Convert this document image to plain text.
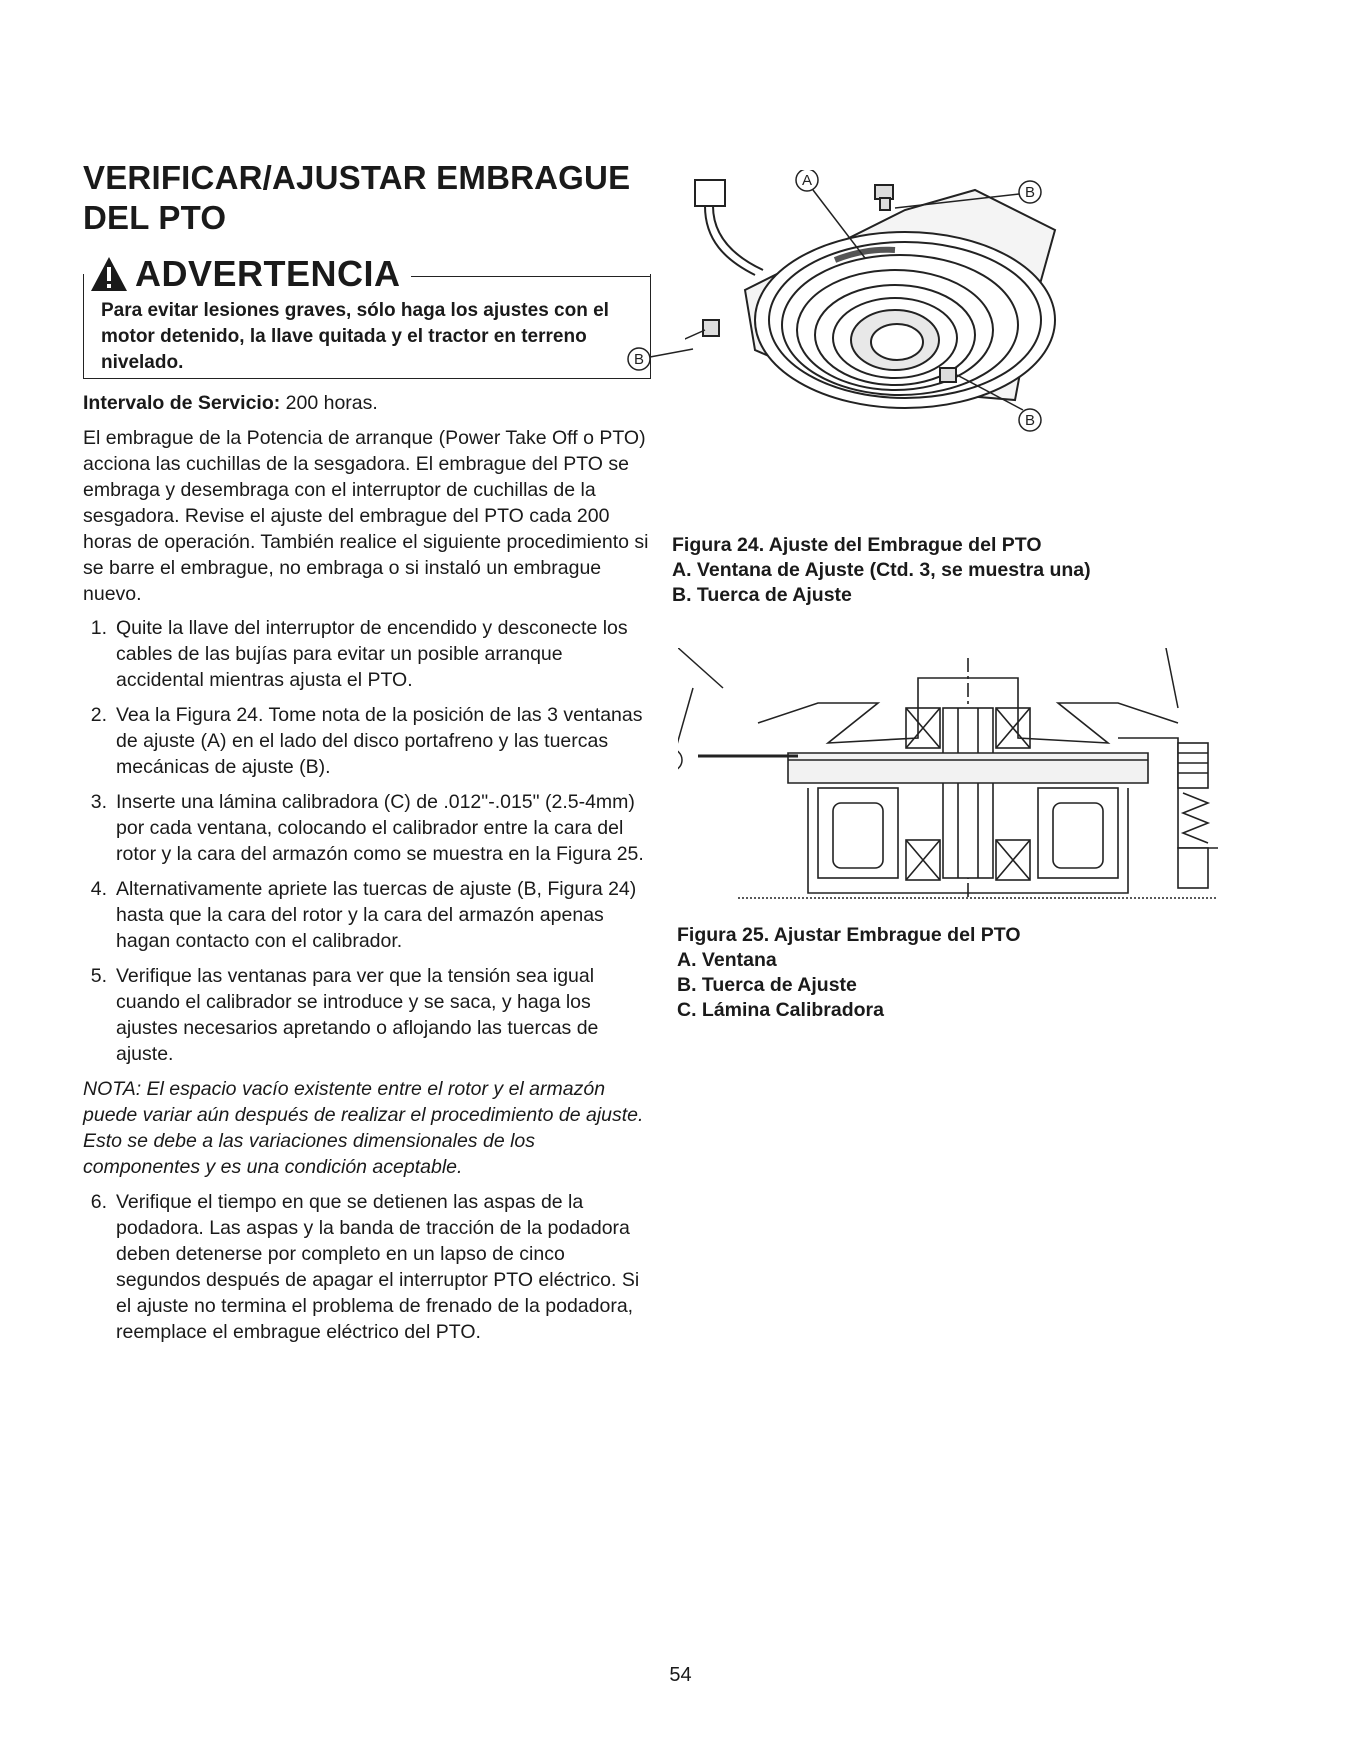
VERIFICAR/AJUSTAR EMBRAGUE
DEL PTO
ADVERTENCIA
Para evitar lesiones graves, sólo haga los ajustes con el motor detenido, la llave quitada y el tractor en terreno nivelado.

Intervalo de Servicio: 200 horas.

El embrague de la Potencia de arranque (Power Take Off o PTO) acciona las cuchillas de la sesgadora. El embrague del PTO se embraga y desembraga con el interruptor de cuchillas de la sesgadora. Revise el ajuste del embrague del PTO cada 200 horas de operación. También realice el siguiente procedimiento si se barre el embrague, no embraga o si instaló un embrague nuevo.

1. Quite la llave del interruptor de encendido y desconecte los cables de las bujías para evitar un posible arranque accidental mientras ajusta el PTO.
2. Vea la Figura 24. Tome nota de la posición de las 3 ventanas de ajuste (A) en el lado del disco portafreno y las tuercas mecánicas de ajuste (B).
3. Inserte una lámina calibradora (C) de .012"-.015" (2.5-4mm) por cada ventana, colocando el calibrador entre la cara del rotor y la cara del armazón como se muestra en la Figura 25.
4. Alternativamente apriete las tuercas de ajuste (B, Figura 24) hasta que la cara del rotor y la cara del armazón apenas hagan contacto con el calibrador.
5. Verifique las ventanas para ver que la tensión sea igual cuando el calibrador se introduce y se saca, y haga los ajustes necesarios apretando o aflojando las tuercas de ajuste.

NOTA: El espacio vacío existente entre el rotor y el armazón puede variar aún después de realizar el procedimiento de ajuste. Esto se debe a las variaciones dimensionales de los componentes y es una condición aceptable.

6. Verifique el tiempo en que se detienen las aspas de la podadora. Las aspas y la banda de tracción de la podadora deben detenerse por completo en un lapso de cinco segundos después de apagar el interruptor PTO eléctrico. Si el ajuste no termina el problema de frenado de la podadora, reemplace el embrague eléctrico del PTO.
A
B
B
B
Figura 24. Ajuste del Embrague del PTO
A. Ventana de Ajuste (Ctd. 3, se muestra una)
B. Tuerca de Ajuste
Figura 25. Ajustar Embrague del PTO
A. Ventana
B. Tuerca de Ajuste
C. Lámina Calibradora
54
